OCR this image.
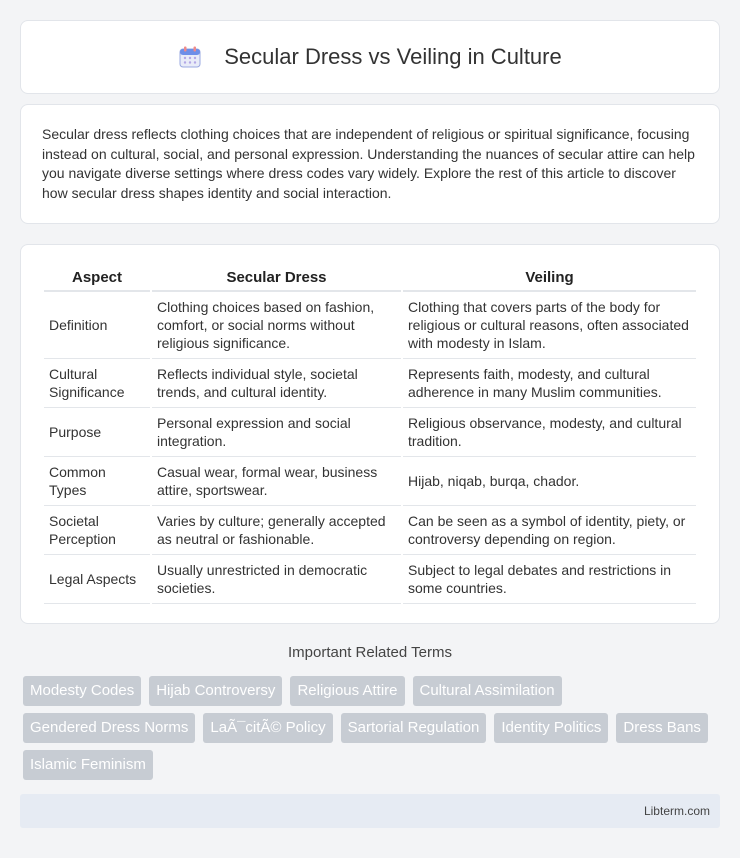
Secular Dress vs Veiling in Culture

Secular dress reflects clothing choices that are independent of religious or spiritual significance, focusing instead on cultural, social, and personal expression. Understanding the nuances of secular attire can help you navigate diverse settings where dress codes vary widely. Explore the rest of this article to discover how secular dress shapes identity and social interaction.

Aspect	Secular Dress	Veiling
Definition	Clothing choices based on fashion, comfort, or social norms without religious significance.	Clothing that covers parts of the body for religious or cultural reasons, often associated with modesty in Islam.
Cultural Significance	Reflects individual style, societal trends, and cultural identity.	Represents faith, modesty, and cultural adherence in many Muslim communities.
Purpose	Personal expression and social integration.	Religious observance, modesty, and cultural tradition.
Common Types	Casual wear, formal wear, business attire, sportswear.	Hijab, niqab, burqa, chador.
Societal Perception	Varies by culture; generally accepted as neutral or fashionable.	Can be seen as a symbol of identity, piety, or controversy depending on region.
Legal Aspects	Usually unrestricted in democratic societies.	Subject to legal debates and restrictions in some countries.
Important Related Terms
Modesty Codes	Hijab Controversy	Religious Attire	Cultural Assimilation
Gendered Dress Norms	LaÃ¯citÃ© Policy	Sartorial Regulation	Identity Politics	Dress Bans
Islamic Feminism
Libterm.com
